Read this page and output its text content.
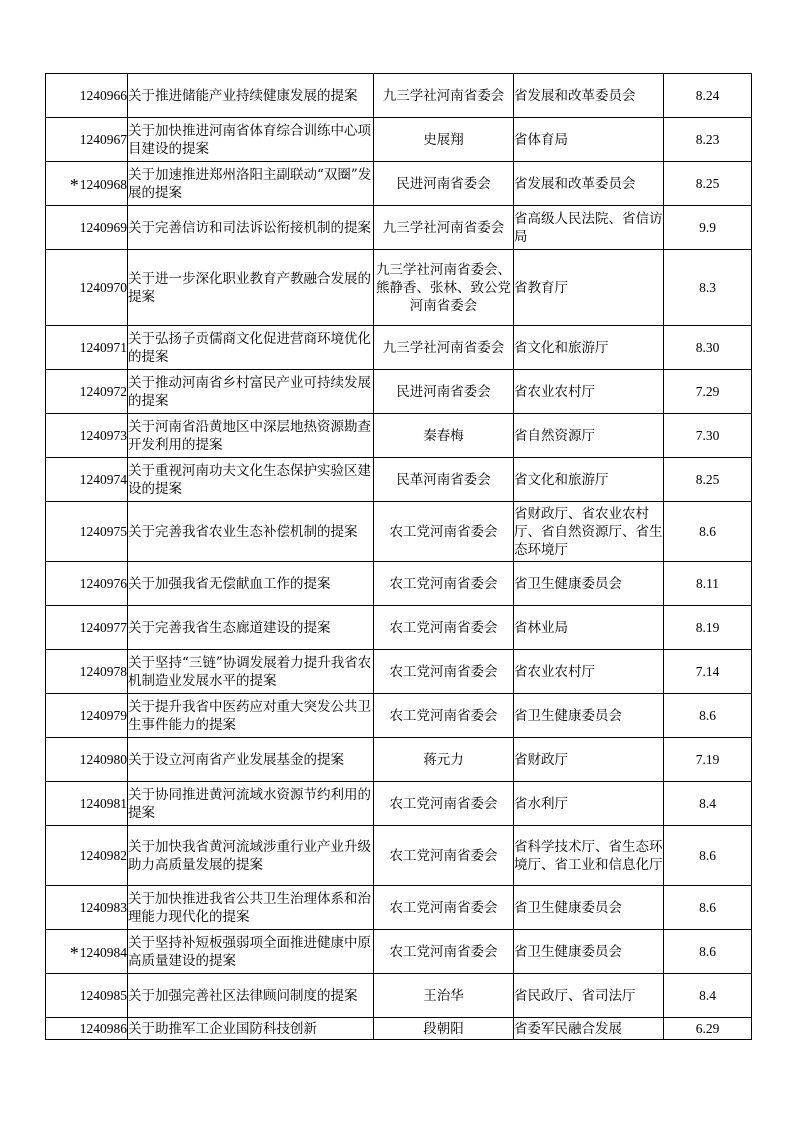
1240966	关于推进储能产业持续健康发展的提案	九三学社河南省委会	省发展和改革委员会	8.24
1240967	关于加快推进河南省体育综合训练中心项目建设的提案	史展翔	省体育局	8.23
*1240968	关于加速推进郑州洛阳主副联动“双圈”发展的提案	民进河南省委会	省发展和改革委员会	8.25
1240969	关于完善信访和司法诉讼衔接机制的提案	九三学社河南省委会	省高级人民法院、省信访局	9.9
1240970	关于进一步深化职业教育产教融合发展的提案	九三学社河南省委会、熊静香、张林、致公党河南省委会	省教育厅	8.3
1240971	关于弘扬子贡儒商文化促进营商环境优化的提案	九三学社河南省委会	省文化和旅游厅	8.30
1240972	关于推动河南省乡村富民产业可持续发展的提案	民进河南省委会	省农业农村厅	7.29
1240973	关于河南省沿黄地区中深层地热资源勘查开发利用的提案	秦春梅	省自然资源厅	7.30
1240974	关于重视河南功夫文化生态保护实验区建设的提案	民革河南省委会	省文化和旅游厅	8.25
1240975	关于完善我省农业生态补偿机制的提案	农工党河南省委会	省财政厅、省农业农村厅、省自然资源厅、省生态环境厅	8.6
1240976	关于加强我省无偿献血工作的提案	农工党河南省委会	省卫生健康委员会	8.11
1240977	关于完善我省生态廊道建设的提案	农工党河南省委会	省林业局	8.19
1240978	关于坚持“三链”协调发展着力提升我省农机制造业发展水平的提案	农工党河南省委会	省农业农村厅	7.14
1240979	关于提升我省中医药应对重大突发公共卫生事件能力的提案	农工党河南省委会	省卫生健康委员会	8.6
1240980	关于设立河南省产业发展基金的提案	蒋元力	省财政厅	7.19
1240981	关于协同推进黄河流域水资源节约利用的提案	农工党河南省委会	省水利厅	8.4
1240982	关于加快我省黄河流域涉重行业产业升级助力高质量发展的提案	农工党河南省委会	省科学技术厅、省生态环境厅、省工业和信息化厅	8.6
1240983	关于加快推进我省公共卫生治理体系和治理能力现代化的提案	农工党河南省委会	省卫生健康委员会	8.6
*1240984	关于坚持补短板强弱项全面推进健康中原高质量建设的提案	农工党河南省委会	省卫生健康委员会	8.6
1240985	关于加强完善社区法律顾问制度的提案	王治华	省民政厅、省司法厅	8.4
1240986	关于助推军工企业国防科技创新	段朝阳	省委军民融合发展	6.29
